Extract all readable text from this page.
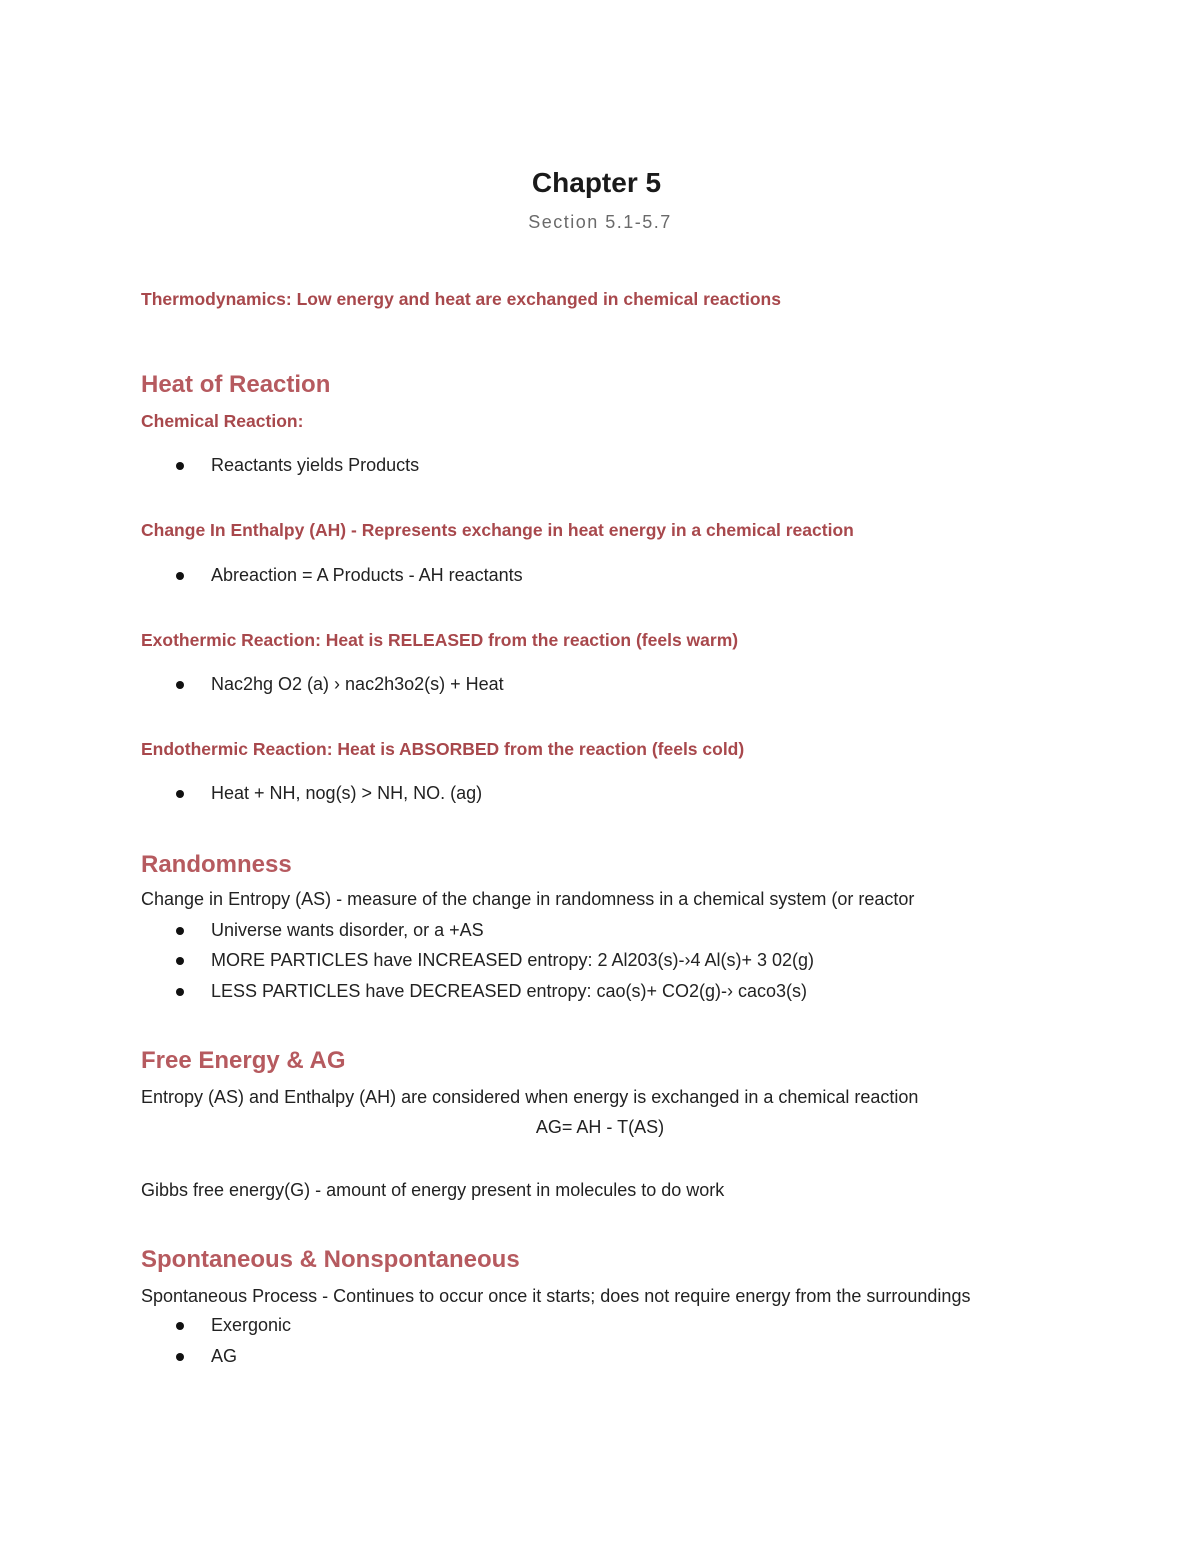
Chapter 5
Section 5.1-5.7
Thermodynamics: Low energy and heat are exchanged in chemical reactions
Heat of Reaction
Chemical Reaction:
Reactants yields Products
Change In Enthalpy (AH) - Represents exchange in heat energy in a chemical reaction
Abreaction = A Products - AH reactants
Exothermic Reaction: Heat is RELEASED from the reaction (feels warm)
Nac2hg O2 (a) › nac2h3o2(s) + Heat
Endothermic Reaction: Heat is ABSORBED from the reaction (feels cold)
Heat + NH, nog(s) > NH, NO. (ag)
Randomness
Change in Entropy (AS) - measure of the change in randomness in a chemical system (or reactor
Universe wants disorder, or a +AS
MORE PARTICLES have INCREASED entropy: 2 Al203(s)-›4 Al(s)+ 3 02(g)
LESS PARTICLES have DECREASED entropy: cao(s)+ CO2(g)-› caco3(s)
Free Energy & AG
Entropy (AS) and Enthalpy (AH) are considered when energy is exchanged in a chemical reaction
AG= AH - T(AS)
Gibbs free energy(G) - amount of energy present in molecules to do work
Spontaneous & Nonspontaneous
Spontaneous Process - Continues to occur once it starts; does not require energy from the surroundings
Exergonic
AG
